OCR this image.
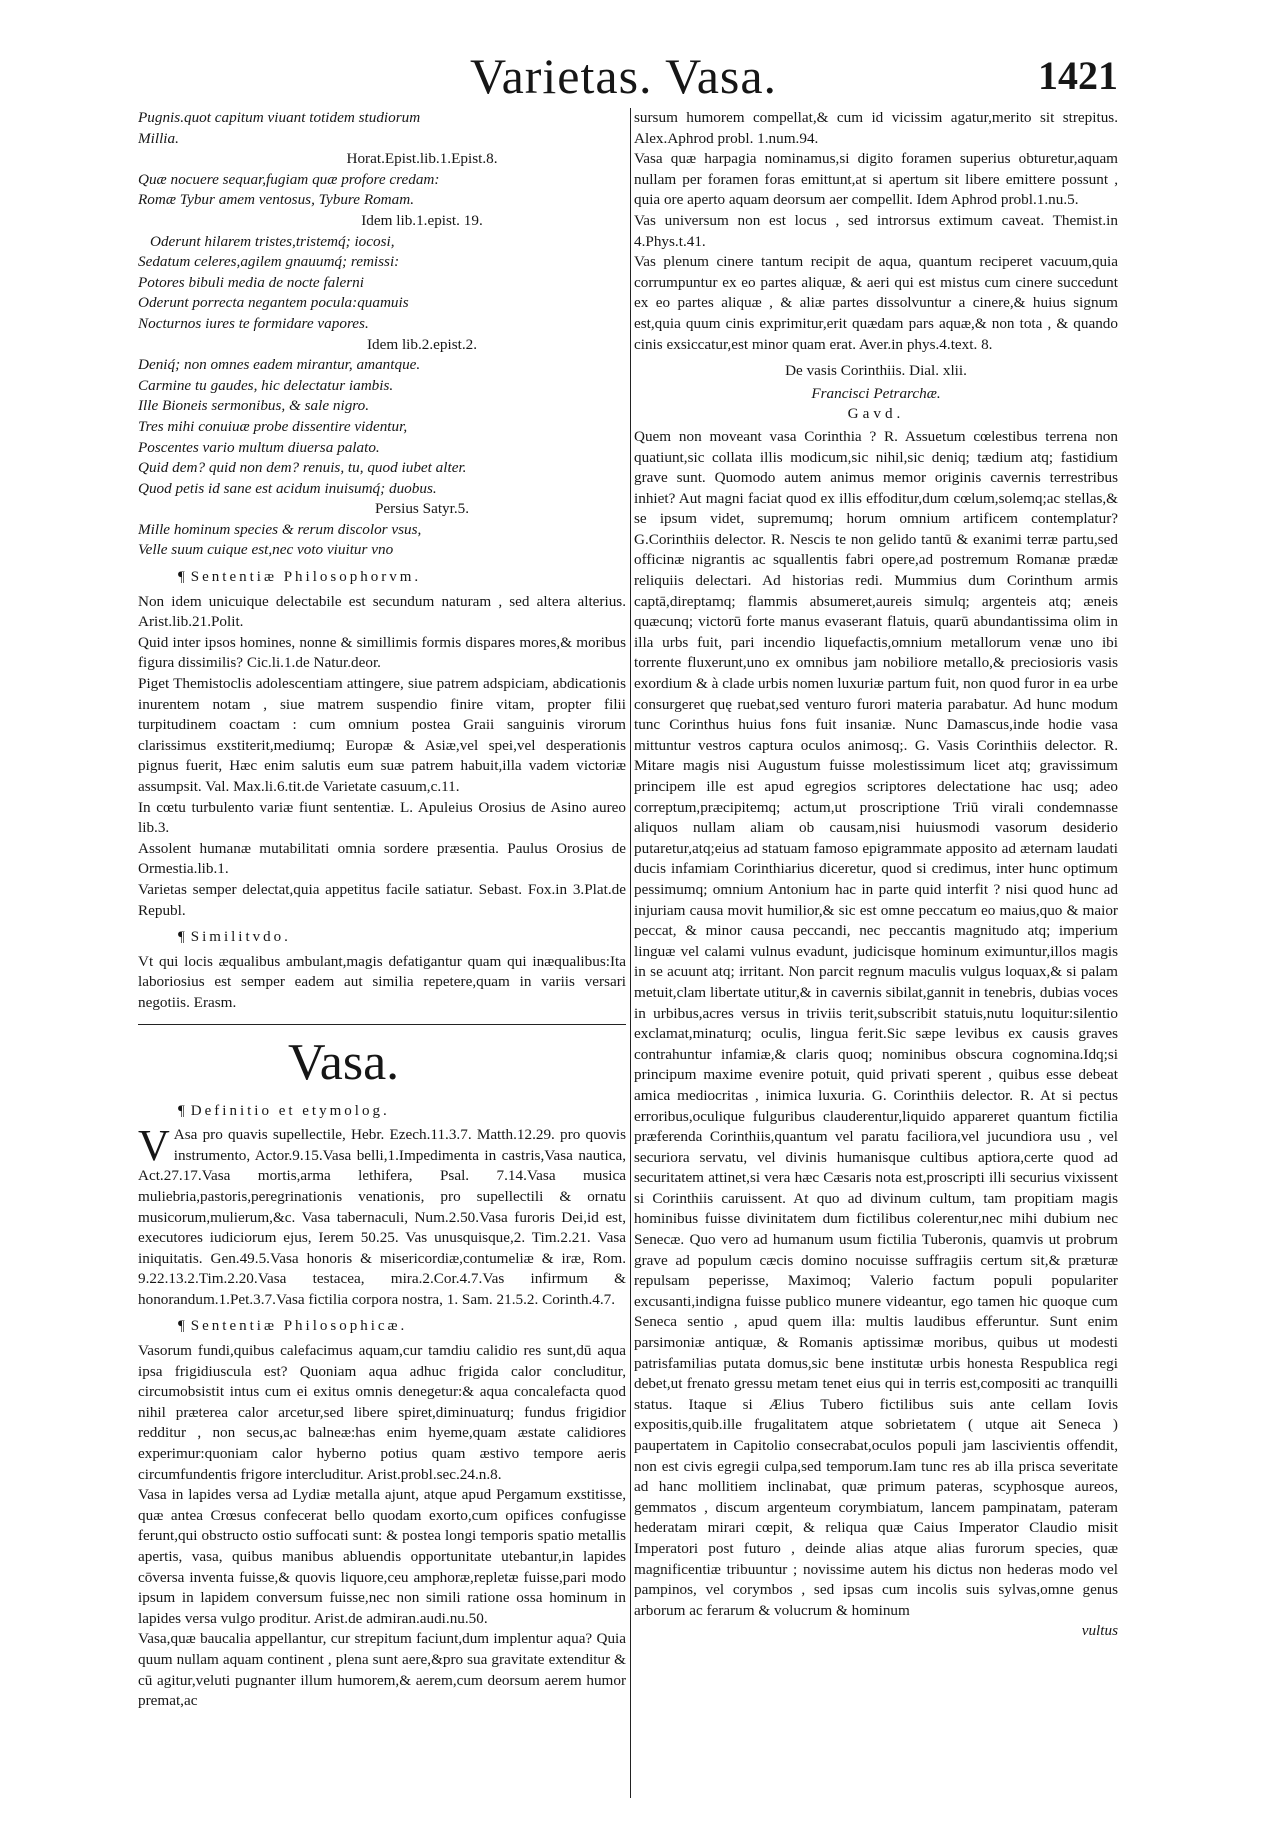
Varietas. Vasa.	1421
Pugnis.quot capitum viuant totidem studiorum
Millia.
Horat.Epist.lib.1.Epist.8.
Quæ nocuere sequar,fugiam quæ profore credam:
Romæ Tybur amem ventosus, Tybure Romam.
Idem lib.1.epist. 19.
Oderunt hilarem tristes,tristemq́; iocosi,
Sedatum celeres,agilem gnauumq́; remissi:
Potores bibuli media de nocte falerni
Oderunt porrecta negantem pocula:quamuis
Nocturnos iures te formidare vapores.
Idem lib.2.epist.2.
Deniq́; non omnes eadem mirantur, amantque.
Carmine tu gaudes, hic delectatur iambis.
Ille Bioneis sermonibus, & sale nigro.
Tres mihi conuiuæ probe dissentire videntur,
Poscentes vario multum diuersa palato.
Quid dem? quid non dem? renuis, tu, quod iubet alter.
Quod petis id sane est acidum inuisumq́; duobus.
Persius Satyr.5.
Mille hominum species & rerum discolor vsus,
Velle suum cuique est,nec voto viuitur vno
¶ Sententiæ Philosophorvm.

Non idem unicuique delectabile est secundum naturam , sed altera alterius. Arist.lib.21.Polit.

Quid inter ipsos homines, nonne & simillimis formis dispares mores,& moribus figura dissimilis? Cic.li.1.de Natur.deor.

Piget Themistoclis adolescentiam attingere, siue patrem adspiciam, abdicationis inurentem notam , siue matrem suspendio finire vitam, propter filii turpitudinem coactam : cum omnium postea Graii sanguinis virorum clarissimus exstiterit,mediumq; Europæ & Asiæ,vel spei,vel desperationis pignus fuerit, Hæc enim salutis eum suæ patrem habuit,illa vadem victoriæ assumpsit. Val. Max.li.6.tit.de Varietate casuum,c.11.

In cœtu turbulento variæ fiunt sententiæ. L. Apuleius Orosius de Asino aureo lib.3.

Assolent humanæ mutabilitati omnia sordere præsentia. Paulus Orosius de Ormestia.lib.1.

Varietas semper delectat,quia appetitus facile satiatur. Sebast. Fox.in 3.Plat.de Republ.

¶ Similitvdo.

Vt qui locis æqualibus ambulant,magis defatigantur quam qui inæqualibus:Ita laboriosius est semper eadem aut similia repetere,quam in variis versari negotiis. Erasm.

Vasa.
¶ Definitio et etymolog.

V Asa pro quavis supellectile, Hebr. Ezech.11.3.7. Matth.12.29. pro quovis instrumento, Actor.9.15.Vasa belli,1.Impedimenta in castris,Vasa nautica, Act.27.17.Vasa mortis,arma lethifera, Psal. 7.14.Vasa musica muliebria,pastoris,peregrinationis venationis, pro supellectili & ornatu musicorum,mulierum,&c. Vasa tabernaculi, Num.2.50.Vasa furoris Dei,id est, executores iudiciorum ejus, Ierem 50.25. Vas unusquisque,2. Tim.2.21. Vasa iniquitatis. Gen.49.5.Vasa honoris & misericordiæ,contumeliæ & iræ, Rom. 9.22.13.2.Tim.2.20.Vasa testacea, mira.2.Cor.4.7.Vas infirmum & honorandum.1.Pet.3.7.Vasa fictilia corpora nostra, 1. Sam. 21.5.2. Corinth.4.7.

¶ Sententiæ Philosophicæ.

Vasorum fundi,quibus calefacimus aquam,cur tamdiu calidio res sunt,dū aqua ipsa frigidiuscula est? Quoniam aqua adhuc frigida calor concluditur, circumobsistit intus cum ei exitus omnis denegetur:& aqua concalefacta quod nihil præterea calor arcetur,sed libere spiret,diminuaturq; fundus frigidior redditur , non secus,ac balneæ:has enim hyeme,quam æstate calidiores experimur:quoniam calor hyberno potius quam æstivo tempore aeris circumfundentis frigore intercluditur. Arist.probl.sec.24.n.8.

Vasa in lapides versa ad Lydiæ metalla ajunt, atque apud Pergamum exstitisse, quæ antea Crœsus confecerat bello quodam exorto,cum opifices confugisse ferunt,qui obstructo ostio suffocati sunt: & postea longi temporis spatio metallis apertis, vasa, quibus manibus abluendis opportunitate utebantur,in lapides cōversa inventa fuisse,& quovis liquore,ceu amphoræ,repletæ fuisse,pari modo ipsum in lapidem conversum fuisse,nec non simili ratione ossa hominum in lapides versa vulgo proditur. Arist.de admiran.audi.nu.50.

Vasa,quæ baucalia appellantur, cur strepitum faciunt,dum implentur aqua? Quia quum nullam aquam continent , plena sunt aere,&pro sua gravitate extenditur & cū agitur,veluti pugnanter illum humorem,& aerem,cum deorsum aerem humor premat,ac

sursum humorem compellat,& cum id vicissim agatur,merito sit strepitus. Alex.Aphrod probl. 1.num.94.

Vasa quæ harpagia nominamus,si digito foramen superius obturetur,aquam nullam per foramen foras emittunt,at si apertum sit libere emittere possunt , quia ore aperto aquam deorsum aer compellit. Idem Aphrod probl.1.nu.5.

Vas universum non est locus , sed introrsus extimum caveat. Themist.in 4.Phys.t.41.

Vas plenum cinere tantum recipit de aqua, quantum reciperet vacuum,quia corrumpuntur ex eo partes aliquæ, & aeri qui est mistus cum cinere succedunt ex eo partes aliquæ , & aliæ partes dissolvuntur a cinere,& huius signum est,quia quum cinis exprimitur,erit quædam pars aquæ,& non tota , & quando cinis exsiccatur,est minor quam erat. Aver.in phys.4.text. 8.

De vasis Corinthiis. Dial. xlii.
Francisci Petrarchæ.
Gavd.

Quem non moveant vasa Corinthia ? R. Assuetum cœlestibus terrena non quatiunt,sic collata illis modicum,sic nihil,sic deniq; tædium atq; fastidium grave sunt. Quomodo autem animus memor originis cavernis terrestribus inhiet? Aut magni faciat quod ex illis effoditur,dum cœlum,solemq;ac stellas,& se ipsum videt, supremumq; horum omnium artificem contemplatur? G.Corinthiis delector. R. Nescis te non gelido tantū & exanimi terræ partu,sed officinæ nigrantis ac squallentis fabri opere,ad postremum Romanæ prædæ reliquiis delectari. Ad historias redi. Mummius dum Corinthum armis captā,direptamq; flammis absumeret,aureis simulq; argenteis atq; æneis quæcunq; victorū forte manus evaserant flatuis, quarū abundantissima olim in illa urbs fuit, pari incendio liquefactis,omnium metallorum venæ uno ibi torrente fluxerunt,uno ex omnibus jam nobiliore metallo,& preciosioris vasis exordium & à clade urbis nomen luxuriæ partum fuit, non quod furor in ea urbe consurgeret quę ruebat,sed venturo furori materia parabatur. Ad hunc modum tunc Corinthus huius fons fuit insaniæ. Nunc Damascus,inde hodie vasa mittuntur vestros captura oculos animosq;. G. Vasis Corinthiis delector. R. Mitare magis nisi Augustum fuisse molestissimum licet atq; gravissimum principem ille est apud egregios scriptores delectatione hac usq; adeo correptum,præcipitemq; actum,ut proscriptione Triū virali condemnasse aliquos nullam aliam ob causam,nisi huiusmodi vasorum desiderio putaretur,atq;eius ad statuam famoso epigrammate apposito ad æternam laudati ducis infamiam Corinthiarius diceretur, quod si credimus, inter hunc optimum pessimumq; omnium Antonium hac in parte quid interfit ? nisi quod hunc ad injuriam causa movit humilior,& sic est omne peccatum eo maius,quo & maior peccat, & minor causa peccandi, nec peccantis magnitudo atq; imperium linguæ vel calami vulnus evadunt, judicisque hominum eximuntur,illos magis in se acuunt atq; irritant. Non parcit regnum maculis vulgus loquax,& si palam metuit,clam libertate utitur,& in cavernis sibilat,gannit in tenebris, dubias voces in urbibus,acres versus in triviis terit,subscribit statuis,nutu loquitur:silentio exclamat,minaturq; oculis, lingua ferit.Sic sæpe levibus ex causis graves contrahuntur infamiæ,& claris quoq; nominibus obscura cognomina.Idq;si principum maxime evenire potuit, quid privati sperent , quibus esse debeat amica mediocritas , inimica luxuria. G. Corinthiis delector. R. At si pectus erroribus,oculique fulguribus clauderentur,liquido appareret quantum fictilia præferenda Corinthiis,quantum vel paratu faciliora,vel jucundiora usu , vel securiora servatu, vel divinis humanisque cultibus aptiora,certe quod ad securitatem attinet,si vera hæc Cæsaris nota est,proscripti illi securius vixissent si Corinthiis caruissent. At quo ad divinum cultum, tam propitiam magis hominibus fuisse divinitatem dum fictilibus colerentur,nec mihi dubium nec Senecæ. Quo vero ad humanum usum fictilia Tuberonis, quamvis ut probrum grave ad populum cæcis domino nocuisse suffragiis certum sit,& præturæ repulsam peperisse, Maximoq; Valerio factum populi populariter excusanti,indigna fuisse publico munere videantur, ego tamen hic quoque cum Seneca sentio , apud quem illa: multis laudibus efferuntur. Sunt enim parsimoniæ antiquæ, & Romanis aptissimæ moribus, quibus ut modesti patrisfamilias putata domus,sic bene institutæ urbis honesta Respublica regi debet,ut frenato gressu metam tenet eius qui in terris est,compositi ac tranquilli status. Itaque si Ælius Tubero fictilibus suis ante cellam Iovis expositis,quib.ille frugalitatem atque sobrietatem ( utque ait Seneca ) paupertatem in Capitolio consecrabat,oculos populi jam lascivientis offendit, non est civis egregii culpa,sed temporum.Iam tunc res ab illa prisca severitate ad hanc mollitiem inclinabat, quæ primum pateras, scyphosque aureos, gemmatos , discum argenteum corymbiatum, lancem pampinatam, pateram hederatam mirari cœpit, & reliqua quæ Caius Imperator Claudio misit Imperatori post futuro , deinde alias atque alias furorum species, quæ magnificentiæ tribuuntur ; novissime autem his dictus non hederas modo vel pampinos, vel corymbos , sed ipsas cum incolis suis sylvas,omne genus arborum ac ferarum & volucrum & hominum

vultus
